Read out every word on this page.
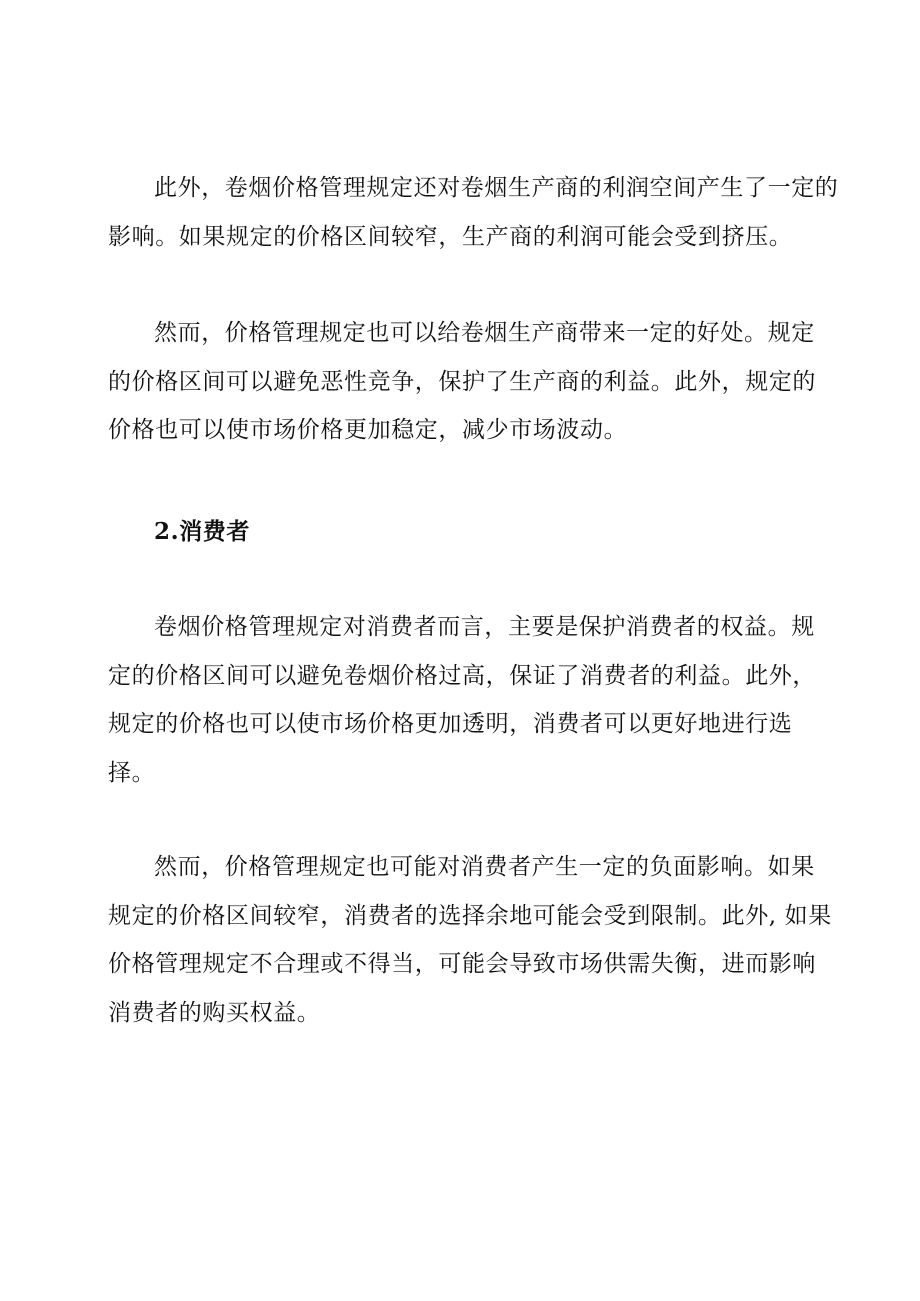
此外，卷烟价格管理规定还对卷烟生产商的利润空间产生了一定的
影响。如果规定的价格区间较窄，生产商的利润可能会受到挤压。

然而，价格管理规定也可以给卷烟生产商带来一定的好处。规定
的价格区间可以避免恶性竞争，保护了生产商的利益。此外，规定的
价格也可以使市场价格更加稳定，减少市场波动。

2.消费者

卷烟价格管理规定对消费者而言，主要是保护消费者的权益。规
定的价格区间可以避免卷烟价格过高，保证了消费者的利益。此外，
规定的价格也可以使市场价格更加透明，消费者可以更好地进行选
择。

然而，价格管理规定也可能对消费者产生一定的负面影响。如果
规定的价格区间较窄，消费者的选择余地可能会受到限制。此外, 如果
价格管理规定不合理或不得当，可能会导致市场供需失衡，进而影响
消费者的购买权益。
